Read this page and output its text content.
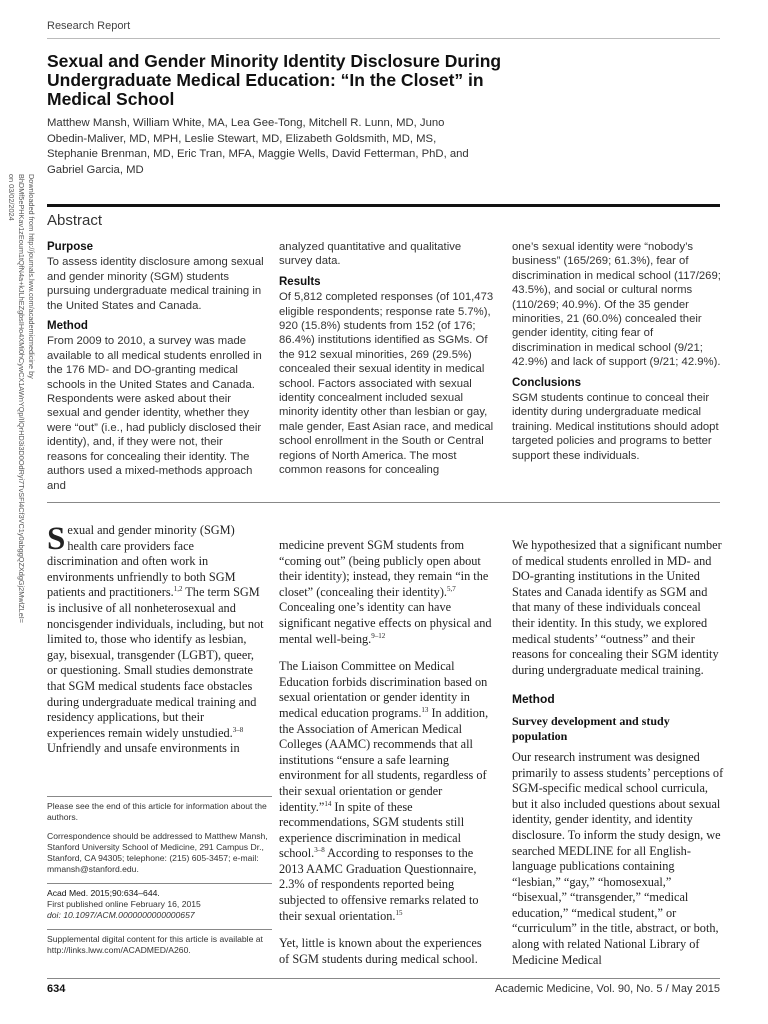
Research Report
Sexual and Gender Minority Identity Disclosure During Undergraduate Medical Education: “In the Closet” in Medical School
Matthew Mansh, William White, MA, Lea Gee-Tong, Mitchell R. Lunn, MD, Juno Obedin-Maliver, MD, MPH, Leslie Stewart, MD, Elizabeth Goldsmith, MD, MS, Stephanie Brenman, MD, Eric Tran, MFA, Maggie Wells, David Fetterman, PhD, and Gabriel Garcia, MD
Downloaded from http://journals.lww.com/academicmedicine by BhDMf5ePHKav1zEoum1tQfN4a+kJLhEZgbsIHo4XMi0hCywCX1AWnYQp/IlQrHD3i3D0OdRyi7TvSFl4Cf3VC1y0abggQZXdgGj2MwlZLeI= on 03/02/2024	Abstract
Purpose

To assess identity disclosure among sexual and gender minority (SGM) students pursuing undergraduate medical training in the United States and Canada.

Method

From 2009 to 2010, a survey was made available to all medical students enrolled in the 176 MD- and DO-granting medical schools in the United States and Canada. Respondents were asked about their sexual and gender identity, whether they were “out” (i.e., had publicly disclosed their identity), and, if they were not, their reasons for concealing their identity. The authors used a mixed-methods approach and

analyzed quantitative and qualitative survey data.

Results

Of 5,812 completed responses (of 101,473 eligible respondents; response rate 5.7%), 920 (15.8%) students from 152 (of 176; 86.4%) institutions identified as SGMs. Of the 912 sexual minorities, 269 (29.5%) concealed their sexual identity in medical school. Factors associated with sexual identity concealment included sexual minority identity other than lesbian or gay, male gender, East Asian race, and medical school enrollment in the South or Central regions of North America. The most common reasons for concealing

one’s sexual identity were “nobody’s business” (165/269; 61.3%), fear of discrimination in medical school (117/269; 43.5%), and social or cultural norms (110/269; 40.9%). Of the 35 gender minorities, 21 (60.0%) concealed their gender identity, citing fear of discrimination in medical school (9/21; 42.9%) and lack of support (9/21; 42.9%).

Conclusions

SGM students continue to conceal their identity during undergraduate medical training. Medical institutions should adopt targeted policies and programs to better support these individuals.

Sexual and gender minority (SGM) health care providers face discrimination and often work in environments unfriendly to both SGM patients and practitioners.$^{1,2}$ The term SGM is inclusive of all nonheterosexual and noncisgender individuals, including, but not limited to, those who identify as lesbian, gay, bisexual, transgender (LGBT), queer, or questioning. Small studies demonstrate that SGM medical students face obstacles during undergraduate medical training and residency applications, but their experiences remain widely unstudied.$^{3-8}$ Unfriendly and unsafe environments in

medicine prevent SGM students from “coming out” (being publicly open about their identity); instead, they remain “in the closet” (concealing their identity).$^{5,7}$ Concealing one’s identity can have significant negative effects on physical and mental well-being.$^{9-12}$

The Liaison Committee on Medical Education forbids discrimination based on sexual orientation or gender identity in medical education programs.$^{13}$ In addition, the Association of American Medical Colleges (AAMC) recommends that all institutions “ensure a safe learning environment for all students, regardless of their sexual orientation or gender identity.”$^{14}$ In spite of these recommendations, SGM students still experience discrimination in medical school.$^{3-8}$ According to responses to the 2013 AAMC Graduation Questionnaire, 2.3% of respondents reported being subjected to offensive remarks related to their sexual orientation.$^{15}$

Yet, little is known about the experiences of SGM students during medical school.

We hypothesized that a significant number of medical students enrolled in MD- and DO-granting institutions in the United States and Canada identify as SGM and that many of these individuals conceal their identity. In this study, we explored medical students’ “outness” and their reasons for concealing their SGM identity during undergraduate medical training.

Method
Survey development and study population

Our research instrument was designed primarily to assess students’ perceptions of SGM-specific medical school curricula, but it also included questions about sexual identity, gender identity, and identity disclosure. To inform the study design, we searched MEDLINE for all English-language publications containing “lesbian,” “gay,” “homosexual,” “bisexual,” “transgender,” “medical education,” “medical student,” or “curriculum” in the title, abstract, or both, along with related National Library of Medicine Medical

Please see the end of this article for information about the authors.

Correspondence should be addressed to Matthew Mansh, Stanford University School of Medicine, 291 Campus Dr., Stanford, CA 94305; telephone: (215) 605-3457; e-mail: mmansh@stanford.edu.

Acad Med. 2015;90:634–644.
First published online February 16, 2015
doi: 10.1097/ACM.0000000000000657

Supplemental digital content for this article is available at http://links.lww.com/ACADMED/A260.

634	Academic Medicine, Vol. 90, No. 5 / May 2015
